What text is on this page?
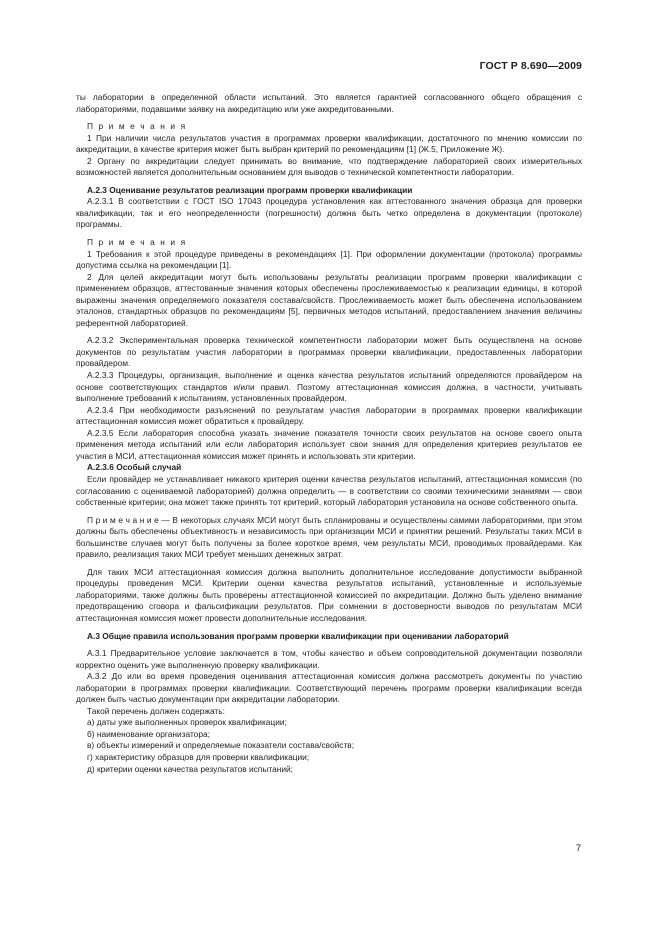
ГОСТ Р 8.690—2009

ты лаборатории в определенной области испытаний. Это является гарантией согласованного общего обращения с лабораториями, подавшими заявку на аккредитацию или уже аккредитованными.

П р и м е ч а н и я

1 При наличии числа результатов участия в программах проверки квалификации, достаточного по мнению комиссии по аккредитации, в качестве критерия может быть выбран критерий по рекомендациям [1] (Ж.5, Приложение Ж).

2 Органу по аккредитации следует принимать во внимание, что подтверждение лабораторией своих измерительных возможностей является дополнительным основанием для выводов о технической компетентности лаборатории.

А.2.3 Оценивание результатов реализации программ проверки квалификации

А.2.3.1 В соответствии с ГОСТ ISO 17043 процедура установления как аттестованного значения образца для проверки квалификации, так и его неопределенности (погрешности) должна быть четко определена в документации (протоколе) программы.

П р и м е ч а н и я

1 Требования к этой процедуре приведены в рекомендациях [1]. При оформлении документации (протокола) программы допустима ссылка на рекомендации [1].

2 Для целей аккредитации могут быть использованы результаты реализации программ проверки квалификации с применением образцов, аттестованные значения которых обеспечены прослеживаемостью к реализации единицы, в которой выражены значения определяемого показателя состава/свойств. Прослеживаемость может быть обеспечена использованием эталонов, стандартных образцов по рекомендациям [5], первичных методов испытаний, предоставлением значения величины референтной лабораторией.

А.2.3.2 Экспериментальная проверка технической компетентности лаборатории может быть осуществлена на основе документов по результатам участия лаборатории в программах проверки квалификации, предоставленных лаборатории провайдером.

А.2.3.3 Процедуры, организация, выполнение и оценка качества результатов испытаний определяются провайдером на основе соответствующих стандартов и/или правил. Поэтому аттестационная комиссия должна, в частности, учитывать выполнение требований к испытаниям, установленных провайдером.

А.2.3.4 При необходимости разъяснений по результатам участия лаборатории в программах проверки квалификации аттестационная комиссия может обратиться к провайдеру.

А.2.3.5 Если лаборатория способна указать значение показателя точности своих результатов на основе своего опыта применения метода испытаний или если лаборатория использует свои знания для определения критериев результатов ее участия в МСИ, аттестационная комиссия может принять и использовать эти критерии.

А.2.3.6 Особый случай

Если провайдер не устанавливает никакого критерия оценки качества результатов испытаний, аттестационная комиссия (по согласованию с оцениваемой лабораторией) должна определить — в соответствии со своими техническими знаниями — свои собственные критерии; она может также принять тот критерий, который лаборатория установила на основе собственного опыта.

П р и м е ч а н и е — В некоторых случаях МСИ могут быть спланированы и осуществлены самими лабораториями, при этом должны быть обеспечены объективность и независимость при организации МСИ и принятии решений. Результаты таких МСИ в большинстве случаев могут быть получены за более короткое время, чем результаты МСИ, проводимых провайдерами. Как правило, реализация таких МСИ требует меньших денежных затрат.

Для таких МСИ аттестационная комиссия должна выполнить дополнительное исследование допустимости выбранной процедуры проведения МСИ. Критерии оценки качества результатов испытаний, установленные и используемые лабораториями, также должны быть проверены аттестационной комиссией по аккредитации. Должно быть уделено внимание предотвращению сговора и фальсификации результатов. При сомнении в достоверности выводов по результатам МСИ аттестационная комиссия может провести дополнительные исследования.

А.3 Общие правила использования программ проверки квалификации при оценивании лабораторий

А.3.1 Предварительное условие заключается в том, чтобы качество и объем сопроводительной документации позволяли корректно оценить уже выполненную проверку квалификации.

А.3.2 До или во время проведения оценивания аттестационная комиссия должна рассмотреть документы по участию лаборатории в программах проверки квалификации. Соответствующий перечень программ проверки квалификации всегда должен быть частью документации при аккредитации лаборатории.

Такой перечень должен содержать:

а) даты уже выполненных проверок квалификации;

б) наименование организатора;

в) объекты измерений и определяемые показатели состава/свойств;

г) характеристику образцов для проверки квалификации;

д) критерии оценки качества результатов испытаний;

7
